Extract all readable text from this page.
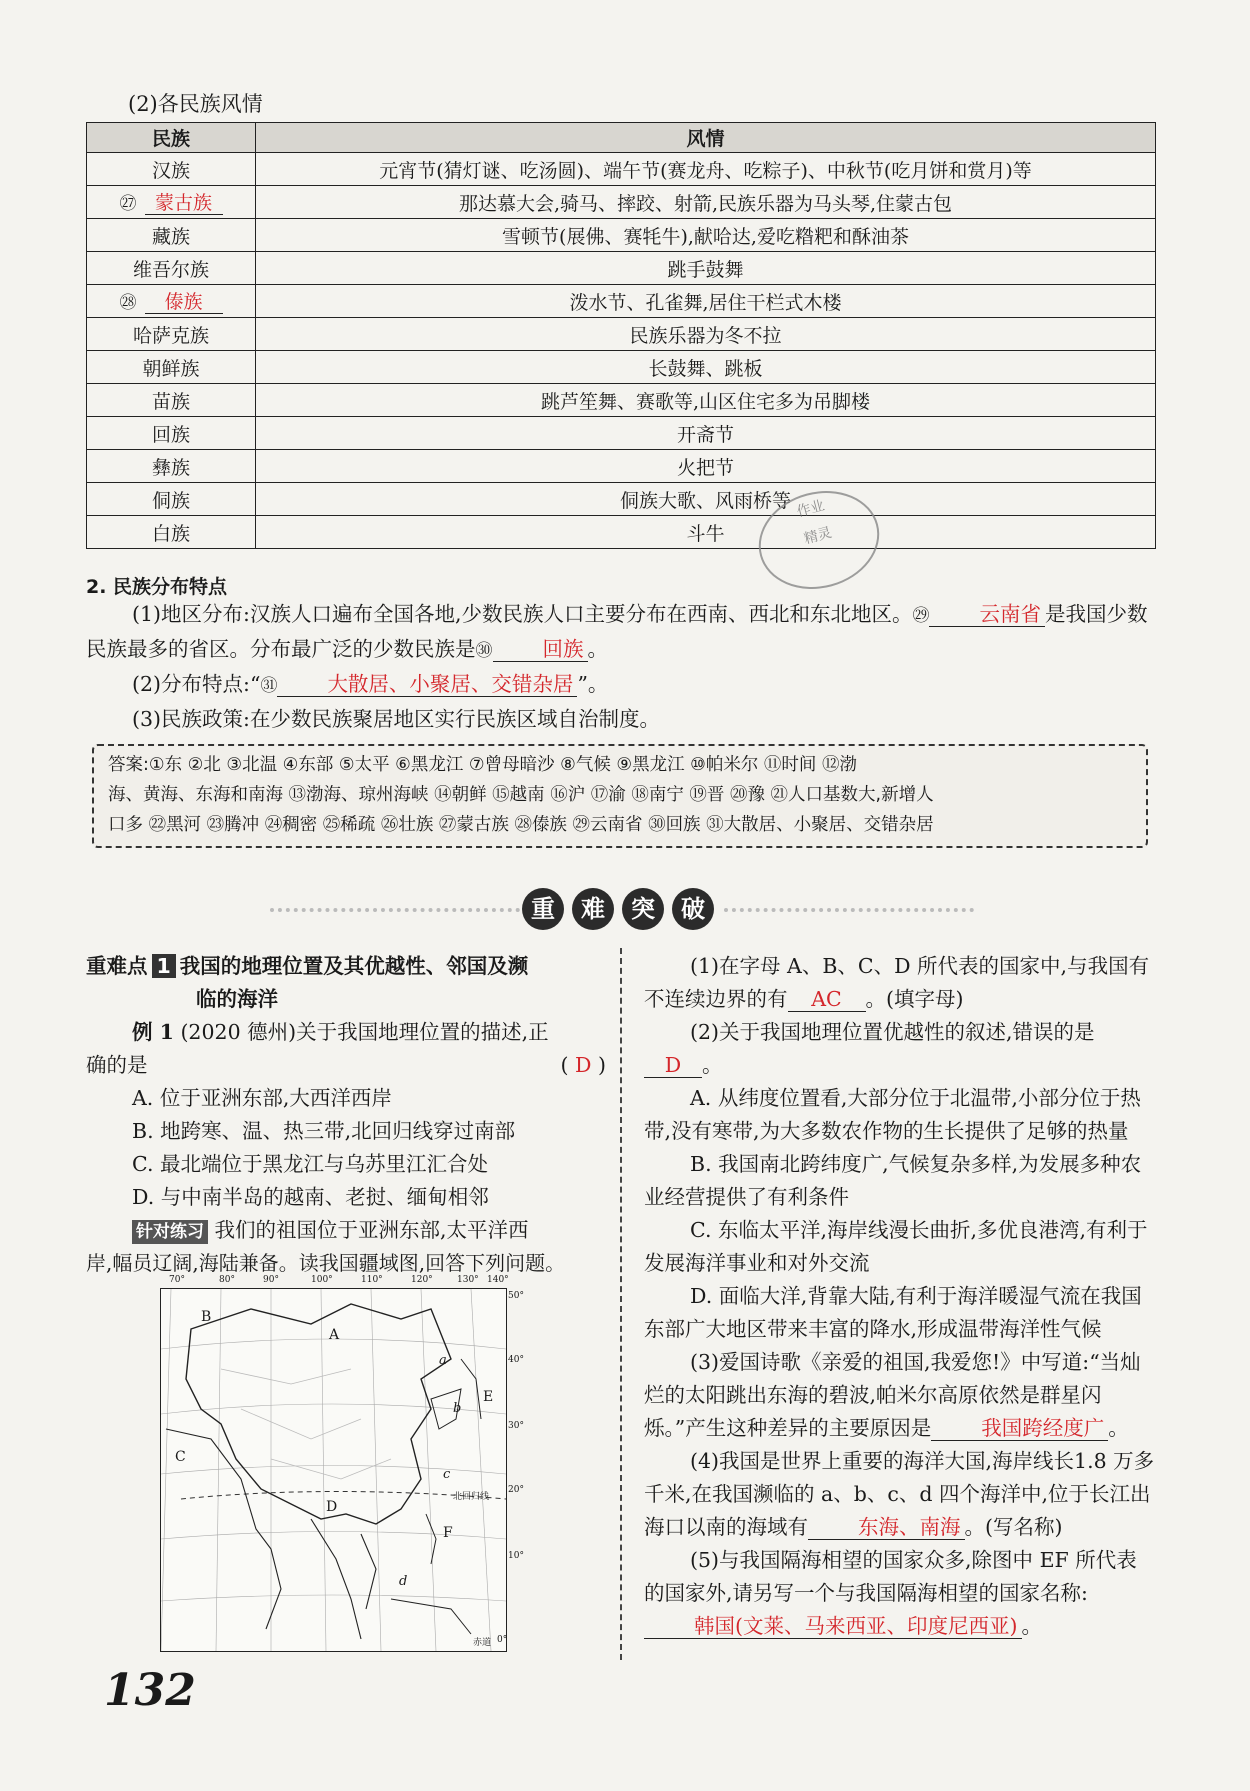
(2)各民族风情
民族	风情
汉族	元宵节(猜灯谜、吃汤圆)、端午节(赛龙舟、吃粽子)、中秋节(吃月饼和赏月)等
㉗ 蒙古族	那达慕大会,骑马、摔跤、射箭,民族乐器为马头琴,住蒙古包
藏族	雪顿节(展佛、赛牦牛),献哈达,爱吃糌粑和酥油茶
维吾尔族	跳手鼓舞
㉘ 傣族	泼水节、孔雀舞,居住干栏式木楼
哈萨克族	民族乐器为冬不拉
朝鲜族	长鼓舞、跳板
苗族	跳芦笙舞、赛歌等,山区住宅多为吊脚楼
回族	开斋节
彝族	火把节
侗族	侗族大歌、风雨桥等
白族	斗牛
作业
精灵
2. 民族分布特点
(1)地区分布:汉族人口遍布全国各地,少数民族人口主要分布在西南、西北和东北地区。㉙ 云南省 是我国少数民族最多的省区。分布最广泛的少数民族是㉚ 回族 。
(2)分布特点:“㉛ 大散居、小聚居、交错杂居 ”。
(3)民族政策:在少数民族聚居地区实行民族区域自治制度。
答案:①东 ②北 ③北温 ④东部 ⑤太平 ⑥黑龙江 ⑦曾母暗沙 ⑧气候 ⑨黑龙江 ⑩帕米尔 ⑪时间 ⑫渤
海、黄海、东海和南海 ⑬渤海、琼州海峡 ⑭朝鲜 ⑮越南 ⑯沪 ⑰渝 ⑱南宁 ⑲晋 ⑳豫 ㉑人口基数大,新增人
口多 ㉒黑河 ㉓腾冲 ㉔稠密 ㉕稀疏 ㉖壮族 ㉗蒙古族 ㉘傣族 ㉙云南省 ㉚回族 ㉛大散居、小聚居、交错杂居
重	难	突	破
重难点 1 我国的地理位置及其优越性、邻国及濒
临的海洋
例 1 (2020 德州)关于我国地理位置的描述,正
确的是	( D )
A. 位于亚洲东部,大西洋西岸
B. 地跨寒、温、热三带,北回归线穿过南部
C. 最北端位于黑龙江与乌苏里江汇合处
D. 与中南半岛的越南、老挝、缅甸相邻
针对练习 我们的祖国位于亚洲东部,太平洋西
岸,幅员辽阔,海陆兼备。读我国疆域图,回答下列问题。
70°	80°	90°	100°	110°	120°	130° 140°
50°
40°
30°
20°
10°
0°
A
B
C
D
E
F
a
b
c
d
北回归线
赤道
(1)在字母 A、B、C、D 所代表的国家中,与我国有
不连续边界的有 AC 。(填字母)
(2)关于我国地理位置优越性的叙述,错误的是
D 。
A. 从纬度位置看,大部分位于北温带,小部分位于热带,没有寒带,为大多数农作物的生长提供了足够的热量
B. 我国南北跨纬度广,气候复杂多样,为发展多种农业经营提供了有利条件
C. 东临太平洋,海岸线漫长曲折,多优良港湾,有利于发展海洋事业和对外交流
D. 面临大洋,背靠大陆,有利于海洋暖湿气流在我国东部广大地区带来丰富的降水,形成温带海洋性气候
(3)爱国诗歌《亲爱的祖国,我爱您!》中写道:“当灿烂的太阳跳出东海的碧波,帕米尔高原依然是群星闪烁。”产生这种差异的主要原因是 我国跨经度广 。
(4)我国是世界上重要的海洋大国,海岸线长1.8 万多千米,在我国濒临的 a、b、c、d 四个海洋中,位于长江出海口以南的海域有 东海、南海 。(写名称)
(5)与我国隔海相望的国家众多,除图中 EF 所代表的国家外,请另写一个与我国隔海相望的国家名称:韩国(文莱、马来西亚、印度尼西亚) 。
132
